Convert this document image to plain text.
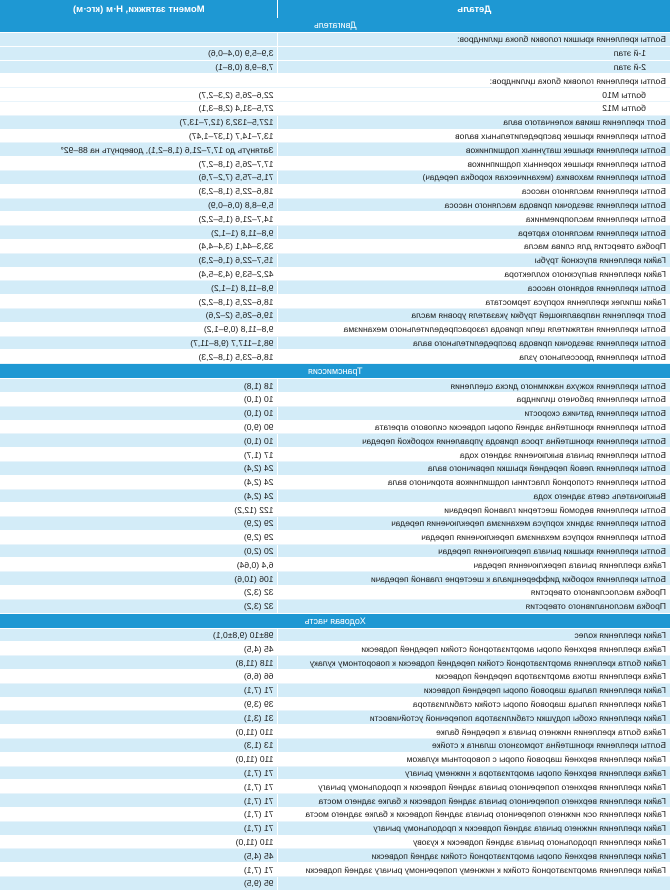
Деталь	Момент затяжки, Н·м (кгс·м)
Двигатель	
Болты крепления крышки головки блока цилиндров:	
1-й этап	3,9–5,9 (0,4–0,6)
2-й этап	7,8–9,8 (0,8–1)
Болты крепления головки блока цилиндров:	
болты М10	22,6–26,5 (2,3–2,7)
болты М12	27,5–31,4 (2,8–3,1)
Болт крепления шкива коленчатого вала	127,5–132,3 (12,7–13,7)
Болты крепления крышек распределительных валов	13,7–14,7 (1,37–1,47)
Болты крепления крышек шатунных подшипников	Затянуть до 17,7–21,6 (1,8–2,1), довернуть на 88–92°
Болты крепления крышек коренных подшипников	17,7–26,5 (1,8–2,7)
Болты крепления маховика (механическая коробка передач)	71,5–75,5 (7,2–7,6)
Болты крепления масляного насоса	18,6–22,5 (1,8–2,3)
Болты крепления звездочки привода масляного насоса	5,9–8,8 (0,6–0,9)
Болты крепления маслоприемника	14,7–21,6 (1,5–2,2)
Болты крепления масляного картера	9,8–11,8 (1–1,2)
Пробка отверстия для слива масла	33,3–44,1 (3,4–4,4)
Гайки крепления впускной трубы	15,7–22,6 (1,6–2,3)
Гайки крепления выпускного коллектора	42,2–53,9 (4,3–5,4)
Болты крепления водяного насоса	9,8–11,8 (1–1,2)
Гайки шпилек крепления корпуса термостата	18,6–22,5 (1,8–2,2)
Болт крепления направляющей трубки указателя уровня масла	19,6–26,5 (2–2,6)
Болты крепления натяжителя цепи привода газораспределительного механизма	9,8–11,8 (0,9–1,2)
Болты крепления звездочки привода распределительного вала	98,1–117,7 (9,8–11,7)
Болты крепления дроссельного узла	18,6–23,5 (1,8–2,3)
Трансмиссия	
Болты крепления кожуха нажимного диска сцепления	18 (1,8)
Болты крепления рабочего цилиндра	10 (1,0)
Болты крепления датчика скорости	10 (1,0)
Болты крепления кронштейна задней опоры подвески силового агрегата	90 (9,0)
Болты крепления кронштейна троса привода управления коробкой передач	10 (1,0)
Болты крепления рычага выключения заднего хода	17 (1,7)
Болты крепления левой передней крышки первичного вала	24 (2,4)
Болты крепления стопорной пластины подшипников вторичного вала	24 (2,4)
Выключатель света заднего хода	24 (2,4)
Болты крепления ведомой шестерни главной передачи	122 (12,2)
Болты крепления задних корпуса механизма переключения передач	29 (2,9)
Болты крепления корпуса механизма переключения передач	29 (2,9)
Болты крепления крышки рычага переключения передач	20 (2,0)
Гайка крепления рычага переключения передач	6,4 (0,64)
Болты крепления коробки дифференциала к шестерне главной передачи	106 (10,6)
Пробка маслосливного отверстия	32 (3,2)
Пробка маслоналивного отверстия	32 (3,2)
Ходовая часть	
Гайки крепления колес	98±10 (9,8±0,1)
Гайка крепления верхней опоры амортизаторной стойки передней подвески	45 (4,5)
Гайки болта крепления амортизаторной стойки передней подвески к поворотному кулаку	118 (11,8)
Гайка крепления штока амортизатора передней подвески	66 (6,6)
Гайки крепления пальца шаровой опоры передней подвески	71 (7,1)
Гайки крепления пальца шаровой опоры стойки стабилизатора	39 (3,9)
Гайки крепления скобы подушки стабилизатора поперечной устойчивости	31 (3,1)
Гайка болта крепления нижнего рычага к передней балке	110 (11,0)
Болты крепления кронштейна тормозного шланга к стойке	13 (1,3)
Гайки крепления верхней шаровой опоры с поворотным кулаком	110 (11,0)
Гайка крепления верхней опоры амортизатора к нижнему рычагу	71 (7,1)
Гайки крепления верхнего поперечного рычага задней подвески к продольному рычагу	71 (7,1)
Гайки крепления верхнего поперечного рычага задней подвески к балке заднего моста	71 (7,1)
Гайки крепления оси нижнего поперечного рычага задней подвески к балке заднего моста	71 (7,1)
Гайки крепления нижнего рычага задней подвески к продольному рычагу	71 (7,1)
Гайки крепления продольного рычага задней подвески к кузову	110 (11,0)
Гайки крепления верхней опоры амортизаторной стойки задней подвески	45 (4,5)
Гайки крепления амортизаторной стойки к нижнему поперечному рычагу задней подвески	71 (7,1)
	95 (9,5)
